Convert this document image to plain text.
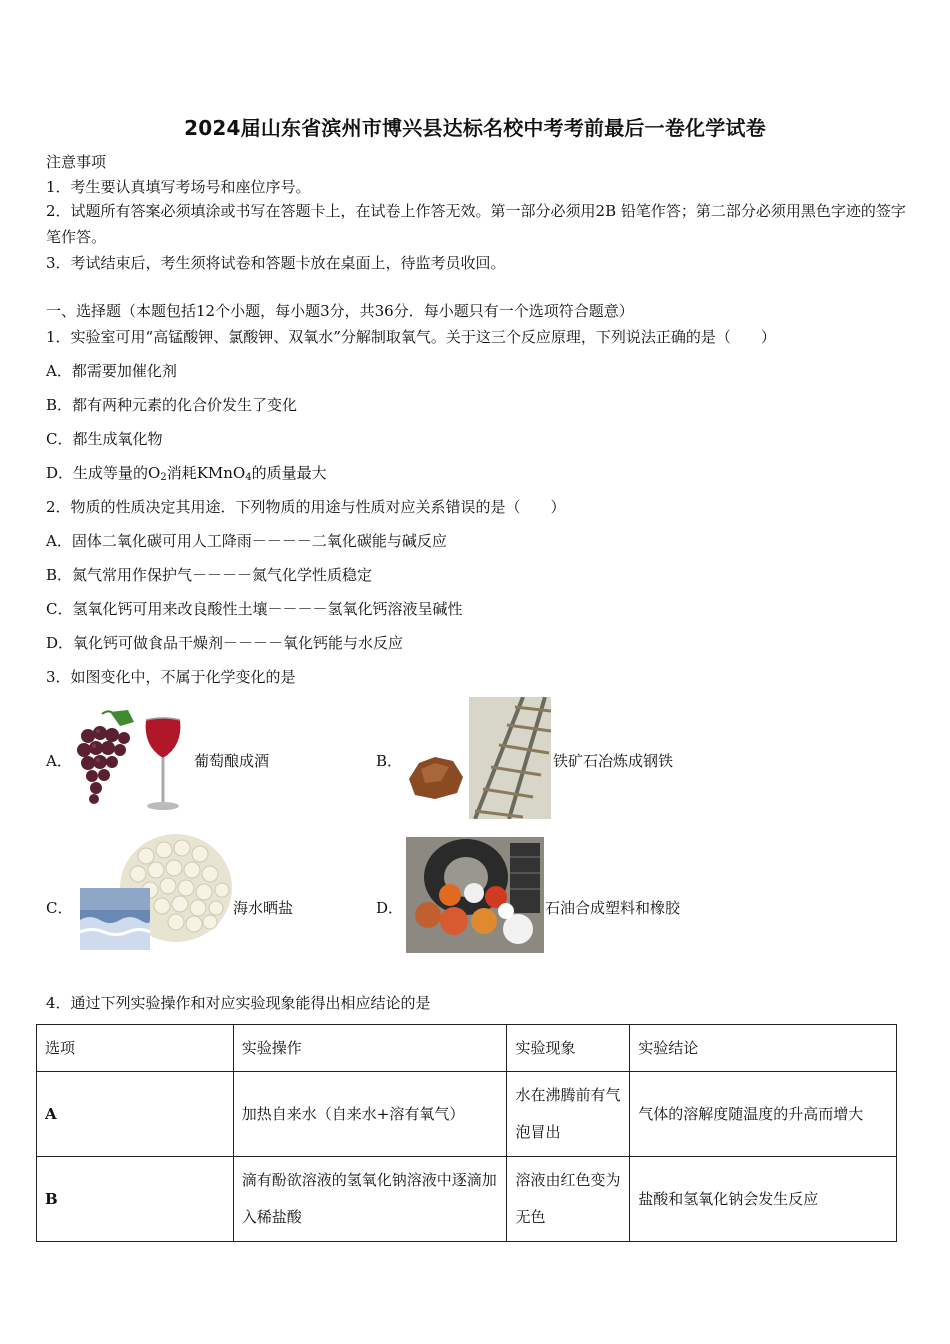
2024届山东省滨州市博兴县达标名校中考考前最后一卷化学试卷
注意事项
1．考生要认真填写考场号和座位序号。
2．试题所有答案必须填涂或书写在答题卡上，在试卷上作答无效。第一部分必须用2B 铅笔作答；第二部分必须用黑色字迹的签字笔作答。
3．考试结束后，考生须将试卷和答题卡放在桌面上，待监考员收回。
一、选择题（本题包括12个小题，每小题3分，共36分．每小题只有一个选项符合题意）
1．实验室可用“高锰酸钾、氯酸钾、双氧水”分解制取氧气。关于这三个反应原理，下列说法正确的是（　　）
A．都需要加催化剂
B．都有两种元素的化合价发生了变化
C．都生成氧化物
D．生成等量的$O_2$消耗KMnO$_4$的质量最大
2．物质的性质决定其用途．下列物质的用途与性质对应关系错误的是（　　）
A．固体二氧化碳可用人工降雨－－－－二氧化碳能与碱反应
B．氮气常用作保护气－－－－氮气化学性质稳定
C．氢氧化钙可用来改良酸性土壤－－－－氢氧化钙溶液呈碱性
D．氧化钙可做食品干燥剂－－－－氧化钙能与水反应
3．如图变化中，不属于化学变化的是
A．	葡萄酿成酒	B．	铁矿石冶炼成钢铁
C．	海水晒盐	D．	石油合成塑料和橡胶
4．通过下列实验操作和对应实验现象能得出相应结论的是
选项	实验操作	实验现象	实验结论
A	加热自来水（自来水+溶有氧气）	水在沸腾前有气泡冒出	气体的溶解度随温度的升高而增大
B	滴有酚欲溶液的氢氧化钠溶液中逐滴加入稀盐酸	溶液由红色变为无色	盐酸和氢氧化钠会发生反应
